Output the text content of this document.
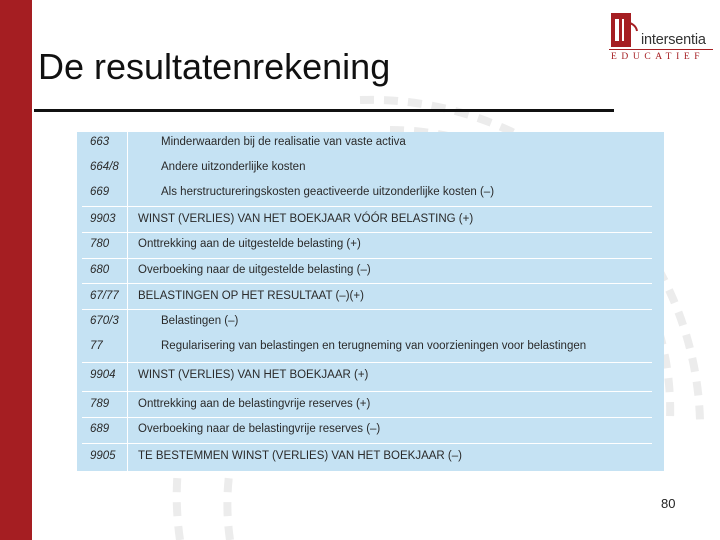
De resultatenrekening
intersentia
EDUCATIEF
663	Minderwaarden bij de realisatie van vaste activa
664/8	Andere uitzonderlijke kosten
669	Als herstructureringskosten geactiveerde uitzonderlijke kosten (–)
9903 WINST (VERLIES) VAN HET BOEKJAAR VÓÓR BELASTING (+)
780	Onttrekking aan de uitgestelde belasting (+)
680	Overboeking naar de uitgestelde belasting (–)
67/77 BELASTINGEN OP HET RESULTAAT (–)(+)
670/3	Belastingen (–)
77	Regularisering van belastingen en terugneming van voorzieningen voor belastingen
9904 WINST (VERLIES) VAN HET BOEKJAAR (+)
789	Onttrekking aan de belastingvrije reserves (+)
689	Overboeking naar de belastingvrije reserves (–)
9905 TE BESTEMMEN WINST (VERLIES) VAN HET BOEKJAAR (–)
80
